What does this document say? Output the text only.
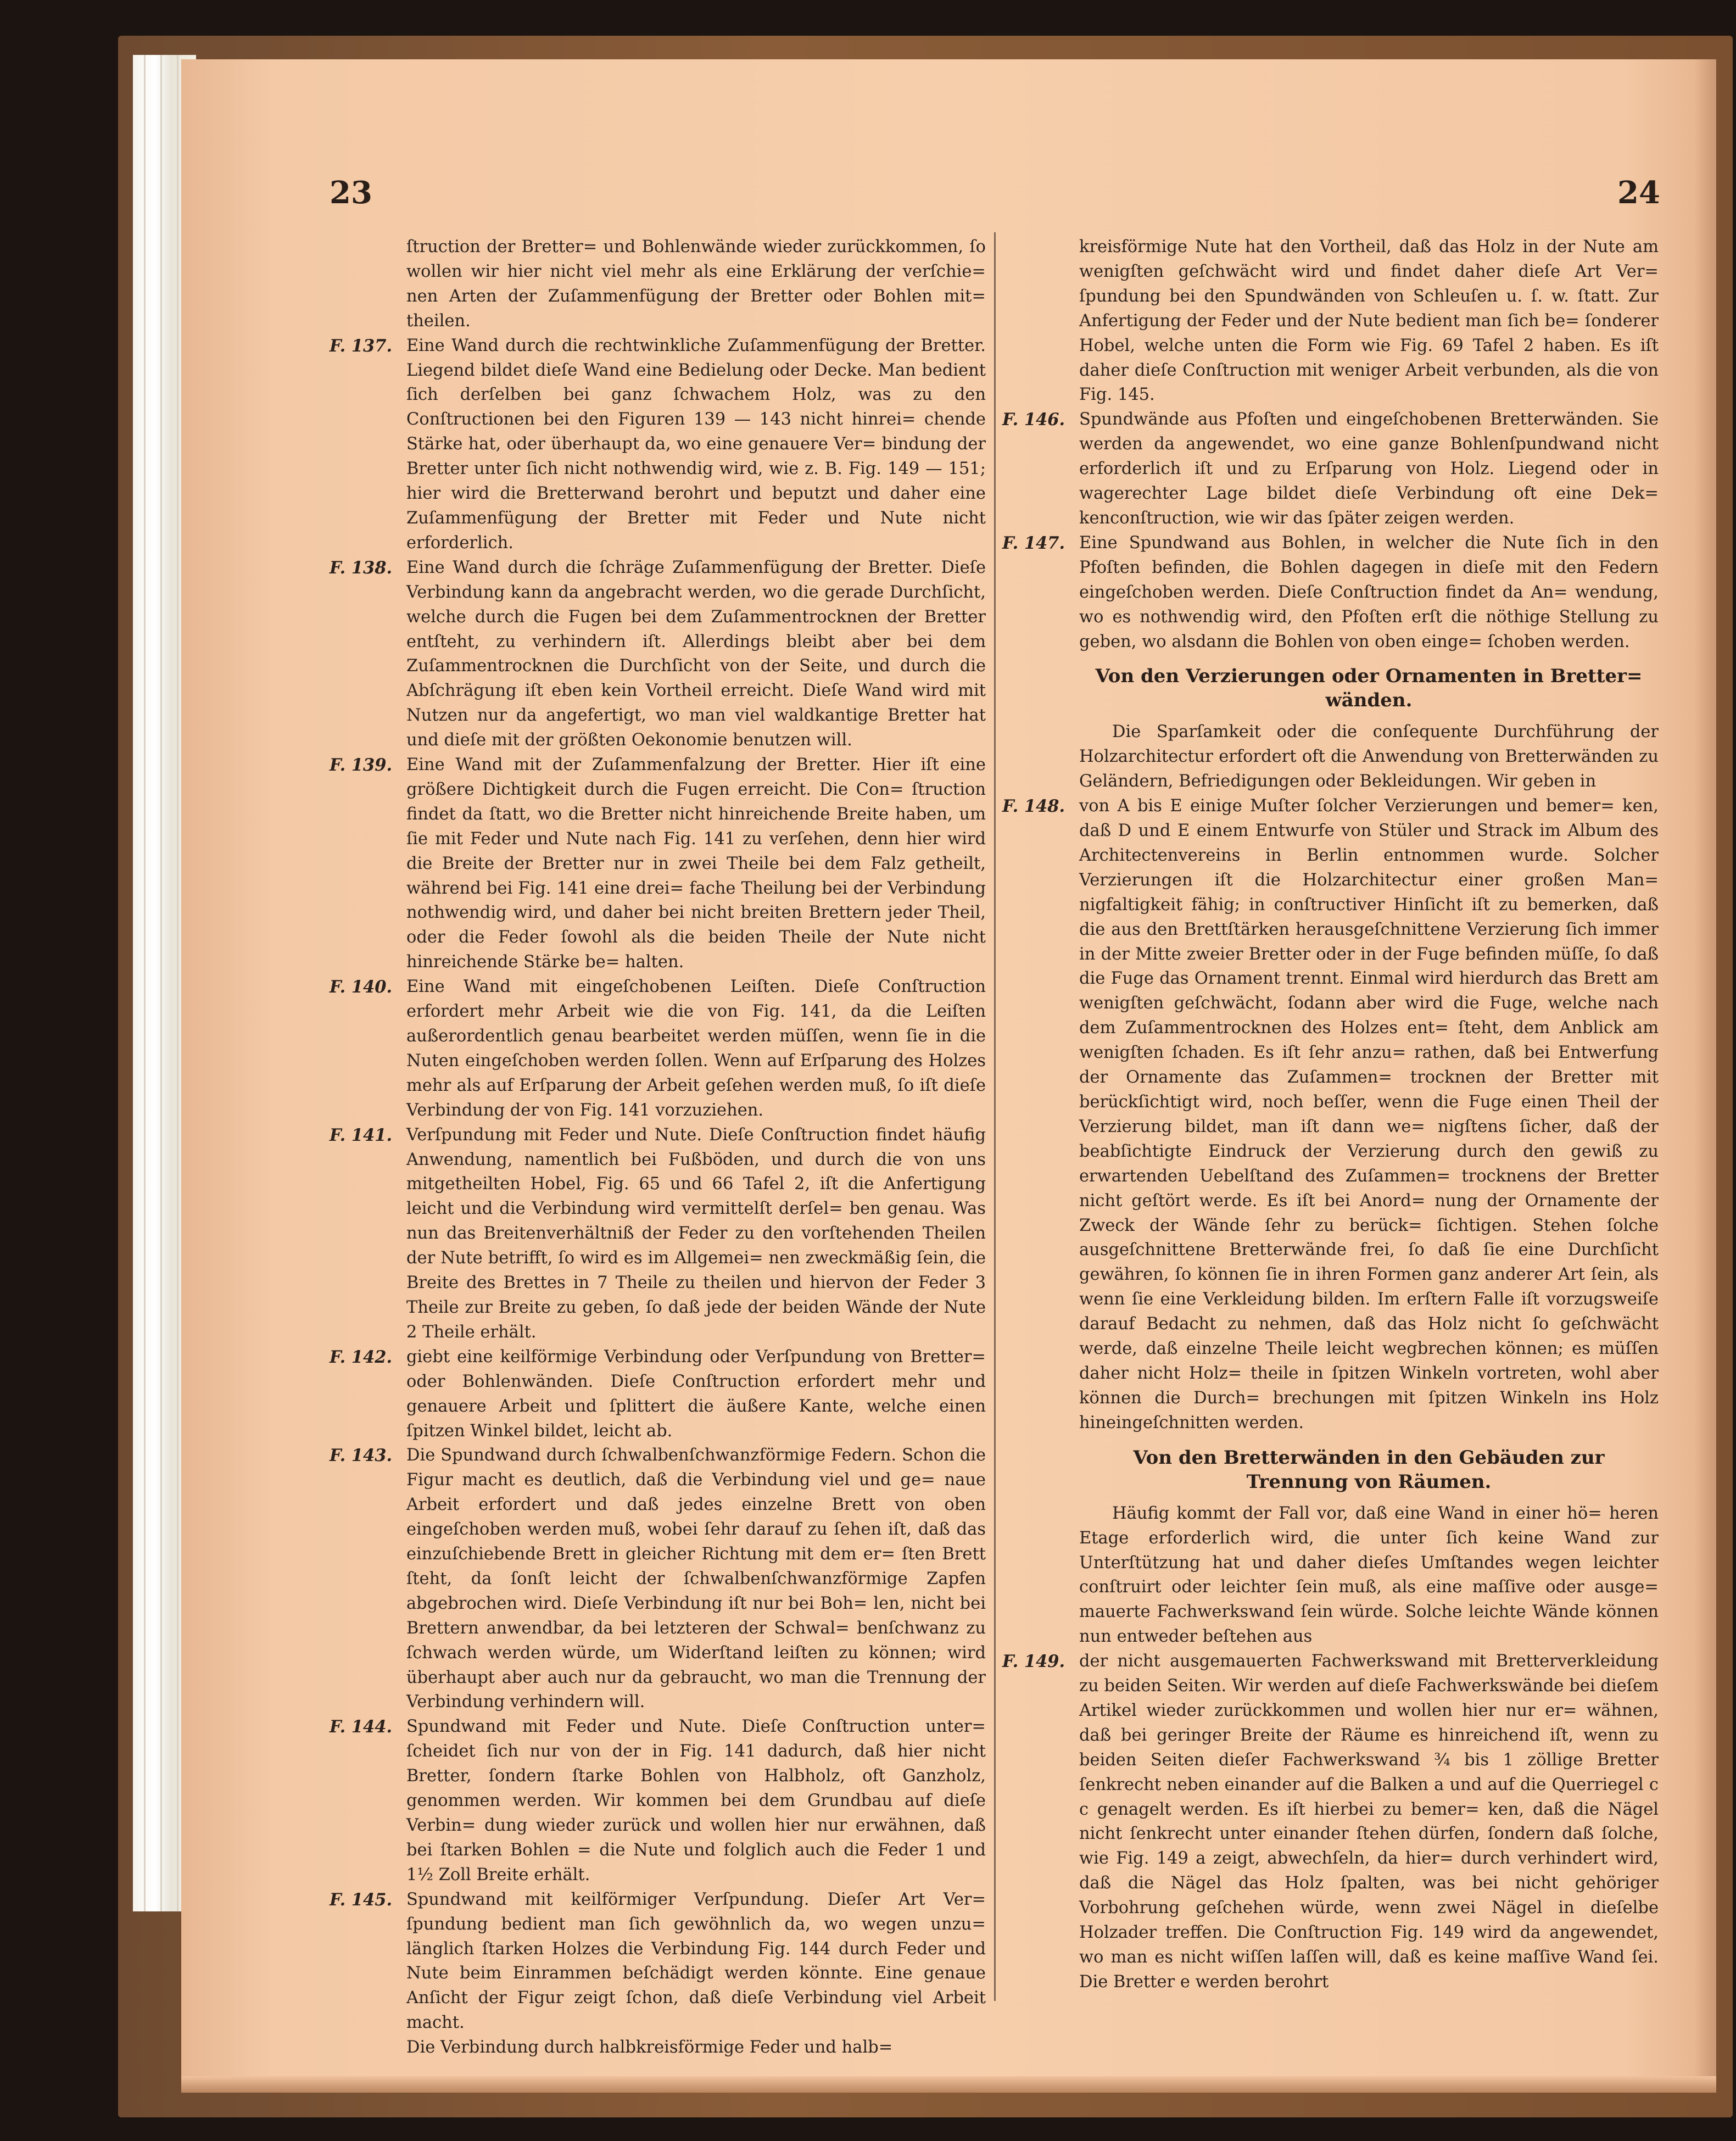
23	24

ſtruction der Bretter= und Bohlenwände wieder zurückkommen, ſo wollen wir hier nicht viel mehr als eine Erklärung der verſchie= nen Arten der Zuſammenfügung der Bretter oder Bohlen mit= theilen.

F. 137. Eine Wand durch die rechtwinkliche Zuſammenfügung der Bretter. Liegend bildet dieſe Wand eine Bedielung oder Decke. Man bedient ſich derſelben bei ganz ſchwachem Holz, was zu den Conſtructionen bei den Figuren 139 — 143 nicht hinrei= chende Stärke hat, oder überhaupt da, wo eine genauere Ver= bindung der Bretter unter ſich nicht nothwendig wird, wie z. B. Fig. 149 — 151; hier wird die Bretterwand berohrt und beputzt und daher eine Zuſammenfügung der Bretter mit Feder und Nute nicht erforderlich.

F. 138. Eine Wand durch die ſchräge Zuſammenfügung der Bretter. Dieſe Verbindung kann da angebracht werden, wo die gerade Durchſicht, welche durch die Fugen bei dem Zuſammentrocknen der Bretter entſteht, zu verhindern iſt. Allerdings bleibt aber bei dem Zuſammentrocknen die Durchſicht von der Seite, und durch die Abſchrägung iſt eben kein Vortheil erreicht. Dieſe Wand wird mit Nutzen nur da angefertigt, wo man viel waldkantige Bretter hat und dieſe mit der größten Oekonomie benutzen will.

F. 139. Eine Wand mit der Zuſammenfalzung der Bretter. Hier iſt eine größere Dichtigkeit durch die Fugen erreicht. Die Con= ſtruction findet da ſtatt, wo die Bretter nicht hinreichende Breite haben, um ſie mit Feder und Nute nach Fig. 141 zu verſehen, denn hier wird die Breite der Bretter nur in zwei Theile bei dem Falz getheilt, während bei Fig. 141 eine drei= fache Theilung bei der Verbindung nothwendig wird, und daher bei nicht breiten Brettern jeder Theil, oder die Feder ſowohl als die beiden Theile der Nute nicht hinreichende Stärke be= halten.

F. 140. Eine Wand mit eingeſchobenen Leiſten. Dieſe Conſtruction erfordert mehr Arbeit wie die von Fig. 141, da die Leiſten außerordentlich genau bearbeitet werden müſſen, wenn ſie in die Nuten eingeſchoben werden ſollen. Wenn auf Erſparung des Holzes mehr als auf Erſparung der Arbeit geſehen werden muß, ſo iſt dieſe Verbindung der von Fig. 141 vorzuziehen.

F. 141. Verſpundung mit Feder und Nute. Dieſe Conſtruction findet häufig Anwendung, namentlich bei Fußböden, und durch die von uns mitgetheilten Hobel, Fig. 65 und 66 Tafel 2, iſt die Anfertigung leicht und die Verbindung wird vermittelſt derſel= ben genau. Was nun das Breitenverhältniß der Feder zu den vorſtehenden Theilen der Nute betrifft, ſo wird es im Allgemei= nen zweckmäßig ſein, die Breite des Brettes in 7 Theile zu theilen und hiervon der Feder 3 Theile zur Breite zu geben, ſo daß jede der beiden Wände der Nute 2 Theile erhält.

F. 142. giebt eine keilförmige Verbindung oder Verſpundung von Bretter= oder Bohlenwänden. Dieſe Conſtruction erfordert mehr und genauere Arbeit und ſplittert die äußere Kante, welche einen ſpitzen Winkel bildet, leicht ab.

F. 143. Die Spundwand durch ſchwalbenſchwanzförmige Federn. Schon die Figur macht es deutlich, daß die Verbindung viel und ge= naue Arbeit erfordert und daß jedes einzelne Brett von oben eingeſchoben werden muß, wobei ſehr darauf zu ſehen iſt, daß das einzuſchiebende Brett in gleicher Richtung mit dem er= ſten Brett ſteht, da ſonſt leicht der ſchwalbenſchwanzförmige Zapfen abgebrochen wird. Dieſe Verbindung iſt nur bei Boh= len, nicht bei Brettern anwendbar, da bei letzteren der Schwal= benſchwanz zu ſchwach werden würde, um Widerſtand leiſten zu können; wird überhaupt aber auch nur da gebraucht, wo man die Trennung der Verbindung verhindern will.

F. 144. Spundwand mit Feder und Nute. Dieſe Conſtruction unter= ſcheidet ſich nur von der in Fig. 141 dadurch, daß hier nicht Bretter, ſondern ſtarke Bohlen von Halbholz, oft Ganzholz, genommen werden. Wir kommen bei dem Grundbau auf dieſe Verbin= dung wieder zurück und wollen hier nur erwähnen, daß bei ſtarken Bohlen = die Nute und folglich auch die Feder 1 und 1½ Zoll Breite erhält.

F. 145. Spundwand mit keilförmiger Verſpundung. Dieſer Art Ver= ſpundung bedient man ſich gewöhnlich da, wo wegen unzu= länglich ſtarken Holzes die Verbindung Fig. 144 durch Feder und Nute beim Einrammen beſchädigt werden könnte. Eine genaue Anſicht der Figur zeigt ſchon, daß dieſe Verbindung viel Arbeit macht.

Die Verbindung durch halbkreisförmige Feder und halb=

kreisförmige Nute hat den Vortheil, daß das Holz in der Nute am wenigſten geſchwächt wird und findet daher dieſe Art Ver= ſpundung bei den Spundwänden von Schleuſen u. ſ. w. ſtatt. Zur Anfertigung der Feder und der Nute bedient man ſich be= ſonderer Hobel, welche unten die Form wie Fig. 69 Tafel 2 haben. Es iſt daher dieſe Conſtruction mit weniger Arbeit verbunden, als die von Fig. 145.

F. 146. Spundwände aus Pfoſten und eingeſchobenen Bretterwänden. Sie werden da angewendet, wo eine ganze Bohlenſpundwand nicht erforderlich iſt und zu Erſparung von Holz. Liegend oder in wagerechter Lage bildet dieſe Verbindung oft eine Dek= kenconſtruction, wie wir das ſpäter zeigen werden.

F. 147. Eine Spundwand aus Bohlen, in welcher die Nute ſich in den Pfoſten befinden, die Bohlen dagegen in dieſe mit den Federn eingeſchoben werden. Dieſe Conſtruction findet da An= wendung, wo es nothwendig wird, den Pfoſten erſt die nöthige Stellung zu geben, wo alsdann die Bohlen von oben einge= ſchoben werden.

Von den Verzierungen oder Ornamenten in Bretter= wänden.

Die Sparſamkeit oder die conſequente Durchführung der Holzarchitectur erfordert oft die Anwendung von Bretterwänden zu Geländern, Befriedigungen oder Bekleidungen. Wir geben in

F. 148. von A bis E einige Muſter ſolcher Verzierungen und bemer= ken, daß D und E einem Entwurfe von Stüler und Strack im Album des Architectenvereins in Berlin entnommen wurde. Solcher Verzierungen iſt die Holzarchitectur einer großen Man= nigfaltigkeit fähig; in conſtructiver Hinſicht iſt zu bemerken, daß die aus den Brettſtärken herausgeſchnittene Verzierung ſich immer in der Mitte zweier Bretter oder in der Fuge befinden müſſe, ſo daß die Fuge das Ornament trennt. Einmal wird hierdurch das Brett am wenigſten geſchwächt, ſodann aber wird die Fuge, welche nach dem Zuſammentrocknen des Holzes ent= ſteht, dem Anblick am wenigſten ſchaden. Es iſt ſehr anzu= rathen, daß bei Entwerfung der Ornamente das Zuſammen= trocknen der Bretter mit berückſichtigt wird, noch beſſer, wenn die Fuge einen Theil der Verzierung bildet, man iſt dann we= nigſtens ſicher, daß der beabſichtigte Eindruck der Verzierung durch den gewiß zu erwartenden Uebelſtand des Zuſammen= trocknens der Bretter nicht geſtört werde. Es iſt bei Anord= nung der Ornamente der Zweck der Wände ſehr zu berück= ſichtigen. Stehen ſolche ausgeſchnittene Bretterwände frei, ſo daß ſie eine Durchſicht gewähren, ſo können ſie in ihren Formen ganz anderer Art ſein, als wenn ſie eine Verkleidung bilden. Im erſtern Falle iſt vorzugsweiſe darauf Bedacht zu nehmen, daß das Holz nicht ſo geſchwächt werde, daß einzelne Theile leicht wegbrechen können; es müſſen daher nicht Holz= theile in ſpitzen Winkeln vortreten, wohl aber können die Durch= brechungen mit ſpitzen Winkeln ins Holz hineingeſchnitten werden.

Von den Bretterwänden in den Gebäuden zur Trennung von Räumen.

Häufig kommt der Fall vor, daß eine Wand in einer hö= heren Etage erforderlich wird, die unter ſich keine Wand zur Unterſtützung hat und daher dieſes Umſtandes wegen leichter conſtruirt oder leichter ſein muß, als eine maſſive oder ausge= mauerte Fachwerkswand ſein würde. Solche leichte Wände können nun entweder beſtehen aus

F. 149. der nicht ausgemauerten Fachwerkswand mit Bretterverkleidung zu beiden Seiten. Wir werden auf dieſe Fachwerkswände bei dieſem Artikel wieder zurückkommen und wollen hier nur er= wähnen, daß bei geringer Breite der Räume es hinreichend iſt, wenn zu beiden Seiten dieſer Fachwerkswand ¾ bis 1 zöllige Bretter ſenkrecht neben einander auf die Balken a und auf die Querriegel c c genagelt werden. Es iſt hierbei zu bemer= ken, daß die Nägel nicht ſenkrecht unter einander ſtehen dürfen, ſondern daß ſolche, wie Fig. 149 a zeigt, abwechſeln, da hier= durch verhindert wird, daß die Nägel das Holz ſpalten, was bei nicht gehöriger Vorbohrung geſchehen würde, wenn zwei Nägel in dieſelbe Holzader treffen. Die Conſtruction Fig. 149 wird da angewendet, wo man es nicht wiſſen laſſen will, daß es keine maſſive Wand ſei. Die Bretter e werden berohrt
